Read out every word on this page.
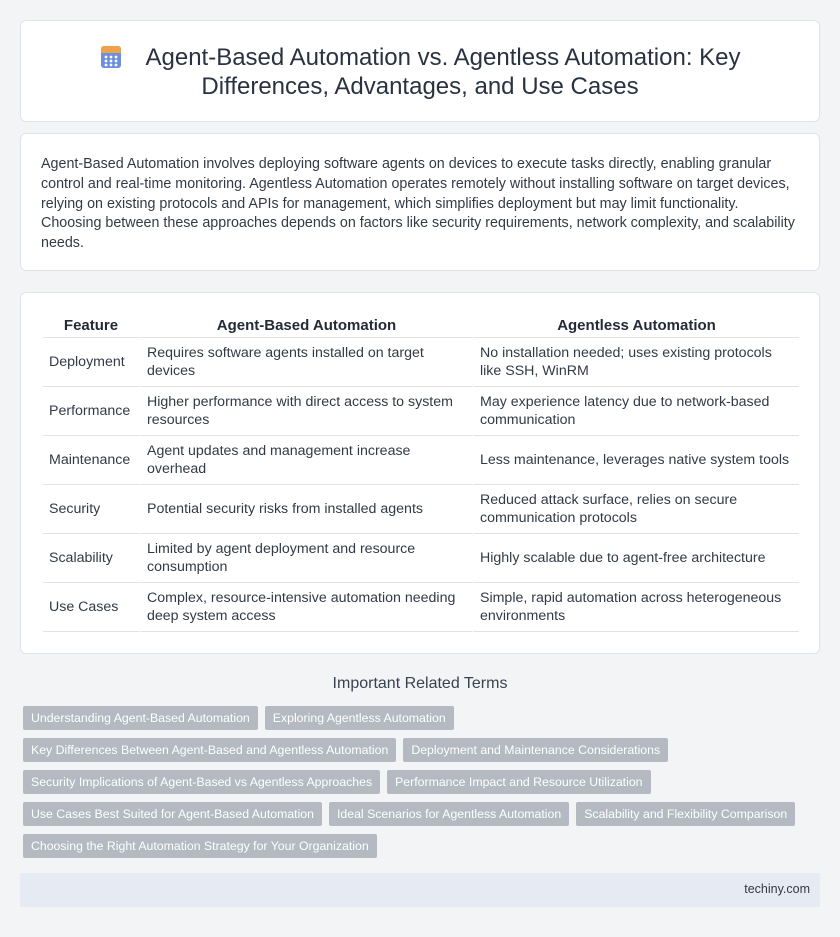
Agent-Based Automation vs. Agentless Automation: Key
Differences, Advantages, and Use Cases

Agent-Based Automation involves deploying software agents on devices to execute tasks directly, enabling granular control and real-time monitoring. Agentless Automation operates remotely without installing software on target devices, relying on existing protocols and APIs for management, which simplifies deployment but may limit functionality. Choosing between these approaches depends on factors like security requirements, network complexity, and scalability needs.

Feature	Agent-Based Automation	Agentless Automation
Deployment	Requires software agents installed on target devices	No installation needed; uses existing protocols like SSH, WinRM
Performance	Higher performance with direct access to system resources	May experience latency due to network-based communication
Maintenance	Agent updates and management increase overhead	Less maintenance, leverages native system tools
Security	Potential security risks from installed agents	Reduced attack surface, relies on secure communication protocols
Scalability	Limited by agent deployment and resource consumption	Highly scalable due to agent-free architecture
Use Cases	Complex, resource-intensive automation needing deep system access	Simple, rapid automation across heterogeneous environments
Important Related Terms
Understanding Agent-Based Automation	Exploring Agentless Automation
Key Differences Between Agent-Based and Agentless Automation	Deployment and Maintenance Considerations
Security Implications of Agent-Based vs Agentless Approaches	Performance Impact and Resource Utilization
Use Cases Best Suited for Agent-Based Automation	Ideal Scenarios for Agentless Automation	Scalability and Flexibility Comparison
Choosing the Right Automation Strategy for Your Organization
techiny.com
